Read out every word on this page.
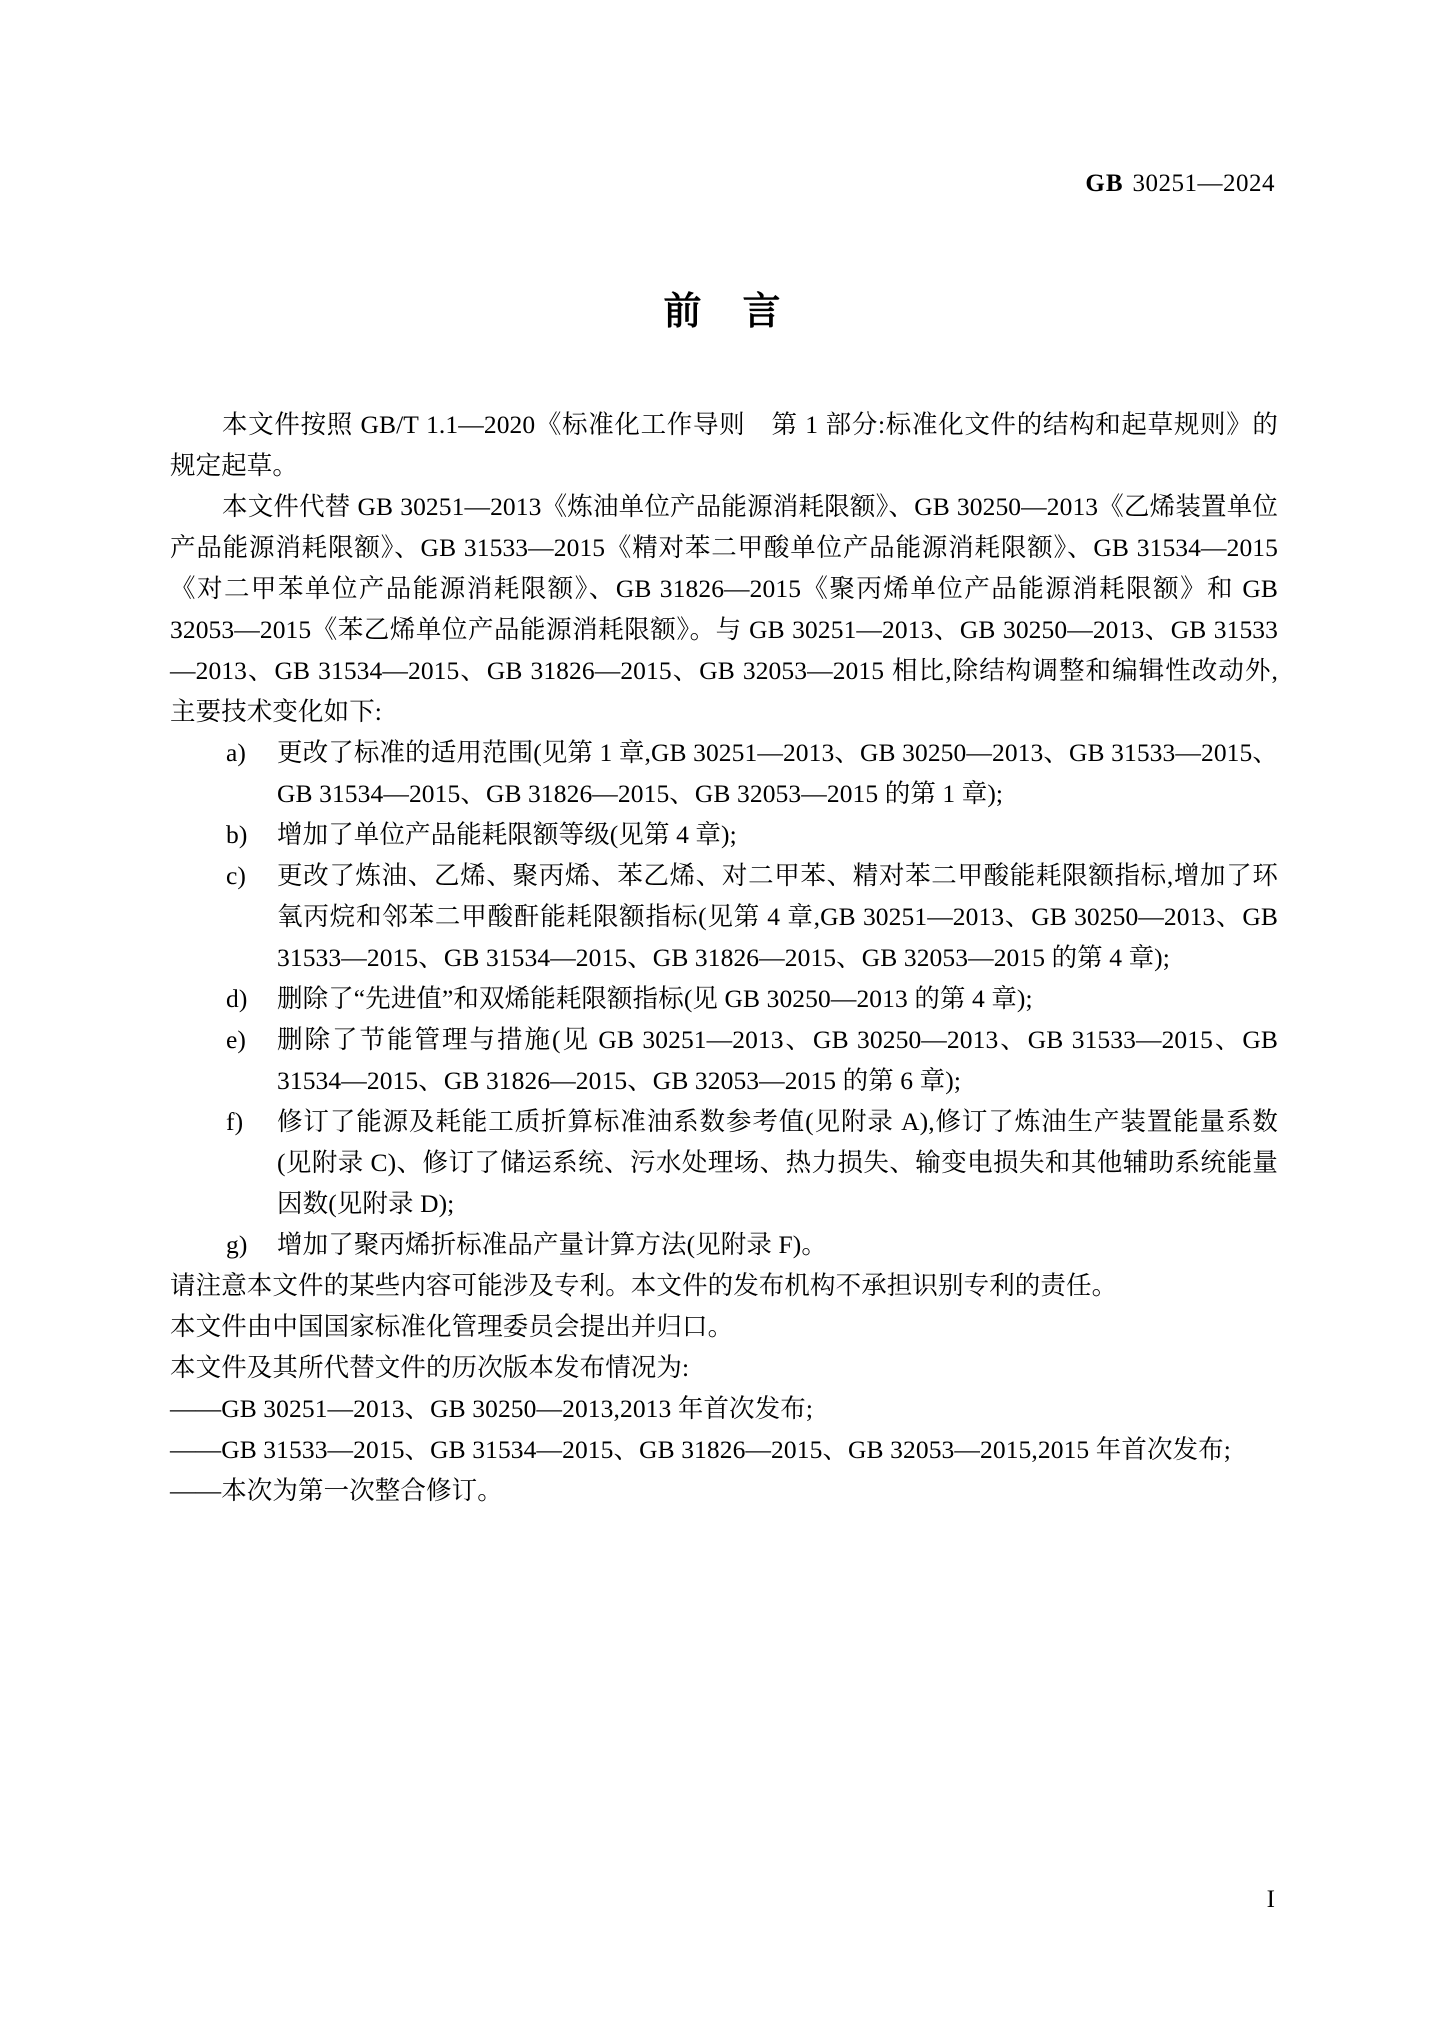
GB 30251—2024
前 言

本文件按照 GB/T 1.1—2020《标准化工作导则　第 1 部分:标准化文件的结构和起草规则》的规定起草。

本文件代替 GB 30251—2013《炼油单位产品能源消耗限额》、GB 30250—2013《乙烯装置单位产品能源消耗限额》、GB 31533—2015《精对苯二甲酸单位产品能源消耗限额》、GB 31534—2015《对二甲苯单位产品能源消耗限额》、GB 31826—2015《聚丙烯单位产品能源消耗限额》和 GB 32053—2015《苯乙烯单位产品能源消耗限额》。与 GB 30251—2013、GB 30250—2013、GB 31533—2013、GB 31534—2015、GB 31826—2015、GB 32053—2015 相比,除结构调整和编辑性改动外,主要技术变化如下:

a)	更改了标准的适用范围(见第 1 章,GB 30251—2013、GB 30250—2013、GB 31533—2015、GB 31534—2015、GB 31826—2015、GB 32053—2015 的第 1 章);
b)	增加了单位产品能耗限额等级(见第 4 章);
c)	更改了炼油、乙烯、聚丙烯、苯乙烯、对二甲苯、精对苯二甲酸能耗限额指标,增加了环氧丙烷和邻苯二甲酸酐能耗限额指标(见第 4 章,GB 30251—2013、GB 30250—2013、GB 31533—2015、GB 31534—2015、GB 31826—2015、GB 32053—2015 的第 4 章);
d)	删除了“先进值”和双烯能耗限额指标(见 GB 30250—2013 的第 4 章);
e)	删除了节能管理与措施(见 GB 30251—2013、GB 30250—2013、GB 31533—2015、GB 31534—2015、GB 31826—2015、GB 32053—2015 的第 6 章);
f)	修订了能源及耗能工质折算标准油系数参考值(见附录 A),修订了炼油生产装置能量系数(见附录 C)、修订了储运系统、污水处理场、热力损失、输变电损失和其他辅助系统能量因数(见附录 D);
g)	增加了聚丙烯折标准品产量计算方法(见附录 F)。

请注意本文件的某些内容可能涉及专利。本文件的发布机构不承担识别专利的责任。

本文件由中国国家标准化管理委员会提出并归口。

本文件及其所代替文件的历次版本发布情况为:

——GB 30251—2013、GB 30250—2013,2013 年首次发布;

——GB 31533—2015、GB 31534—2015、GB 31826—2015、GB 32053—2015,2015 年首次发布;

——本次为第一次整合修订。

I
